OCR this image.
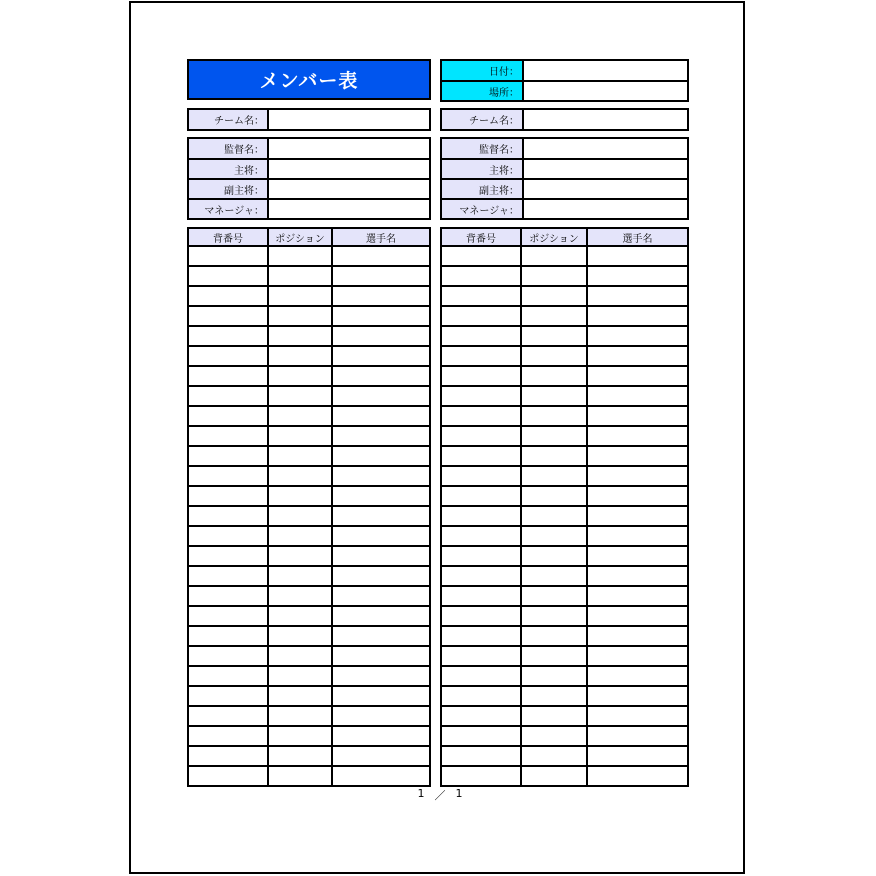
メンバー表	日付：	
場所：	
チーム名：		チーム名：	
監督名：	
主将：	
副主将：	
マネージャ：	
監督名：	
主将：	
副主将：	
マネージャ：	
背番号	ポジション	選手名

			背番号	ポジション	選手名

1 ／ 1
